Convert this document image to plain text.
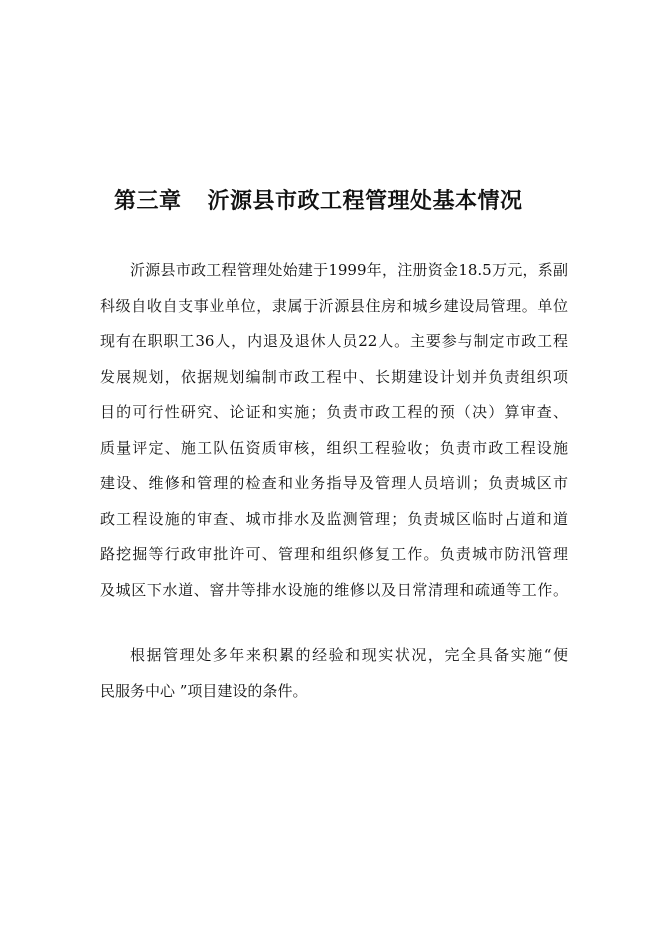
第三章 沂源县市政工程管理处基本情况

沂源县市政工程管理处始建于1999年，注册资金18.5万元，系副
科级自收自支事业单位，隶属于沂源县住房和城乡建设局管理。单位
现有在职职工36人，内退及退休人员22人。主要参与制定市政工程
发展规划，依据规划编制市政工程中、长期建设计划并负责组织项
目的可行性研究、论证和实施；负责市政工程的预（决）算审查、
质量评定、施工队伍资质审核，组织工程验收；负责市政工程设施
建设、维修和管理的检查和业务指导及管理人员培训；负责城区市
政工程设施的审查、城市排水及监测管理；负责城区临时占道和道
路挖掘等行政审批许可、管理和组织修复工作。负责城市防汛管理
及城区下水道、窨井等排水设施的维修以及日常清理和疏通等工作。

根据管理处多年来积累的经验和现实状况，完全具备实施“便
民服务中心 ”项目建设的条件。
